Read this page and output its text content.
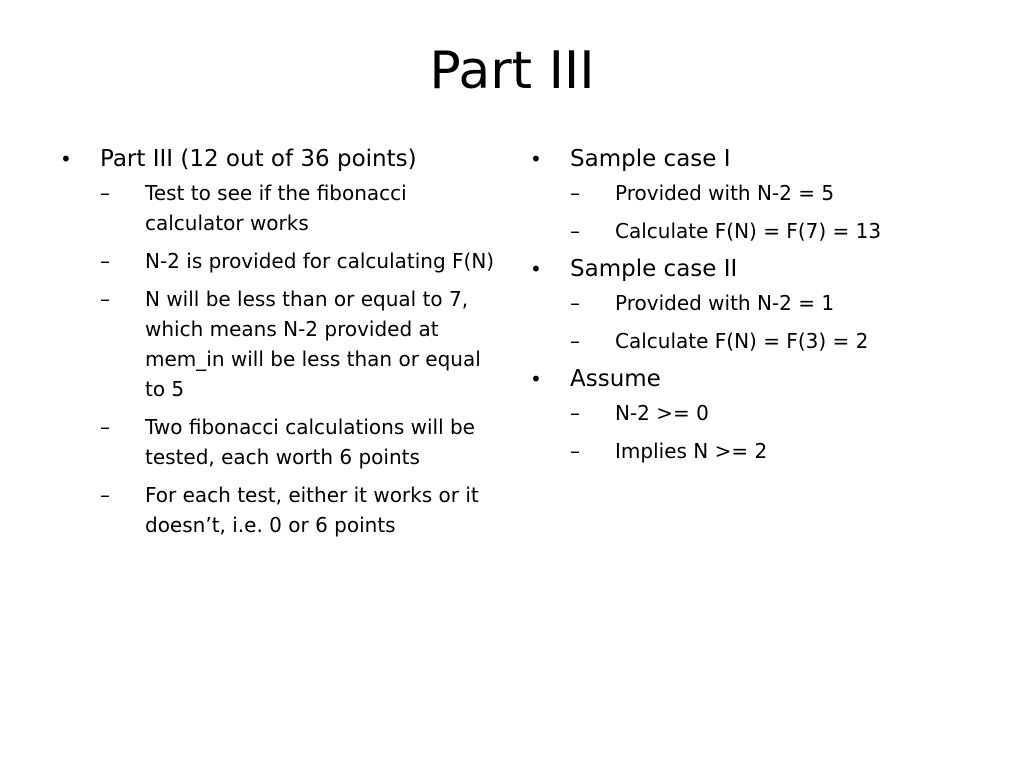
Part III
•	Part III (12 out of 36 points)
–	Test to see if the fibonacci calculator works
–	N-2 is provided for calculating F(N)
–	N will be less than or equal to 7, which means N-2 provided at mem_in will be less than or equal to 5
–	Two fibonacci calculations will be tested, each worth 6 points
–	For each test, either it works or it doesn’t, i.e. 0 or 6 points
•	Sample case I
–	Provided with N-2 = 5
–	Calculate F(N) = F(7) = 13
•	Sample case II
–	Provided with N-2 = 1
–	Calculate F(N) = F(3) = 2
•	Assume
–	N-2 >= 0
–	Implies N >= 2
